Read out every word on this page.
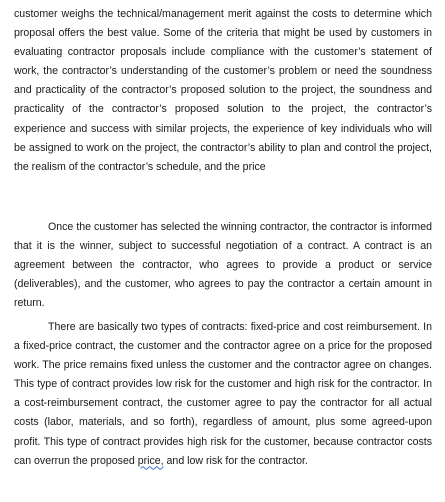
customer weighs the technical/management merit against the costs to determine which proposal offers the best value. Some of the criteria that might be used by customers in evaluating contractor proposals include compliance with the customer’s statement of work, the contractor’s understanding of the customer’s problem or need the soundness and practicality of the contractor’s proposed solution to the project, the soundness and practicality of the contractor’s proposed solution to the project, the contractor’s experience and success with similar projects, the experience of key individuals who will be assigned to work on the project, the contractor’s ability to plan and control the project, the realism of the contractor’s schedule, and the price

Once the customer has selected the winning contractor, the contractor is informed that it is the winner, subject to successful negotiation of a contract. A contract is an agreement between the contractor, who agrees to provide a product or service (deliverables), and the customer, who agrees to pay the contractor a certain amount in return.

There are basically two types of contracts: fixed-price and cost reimbursement. In a fixed-price contract, the customer and the contractor agree on a price for the proposed work. The price remains fixed unless the customer and the contractor agree on changes. This type of contract provides low risk for the customer and high risk for the contractor. In a cost-reimbursement contract, the customer agree to pay the contractor for all actual costs (labor, materials, and so forth), regardless of amount, plus some agreed-upon profit. This type of contract provides high risk for the customer, because contractor costs can overrun the proposed price, and low risk for the contractor.
